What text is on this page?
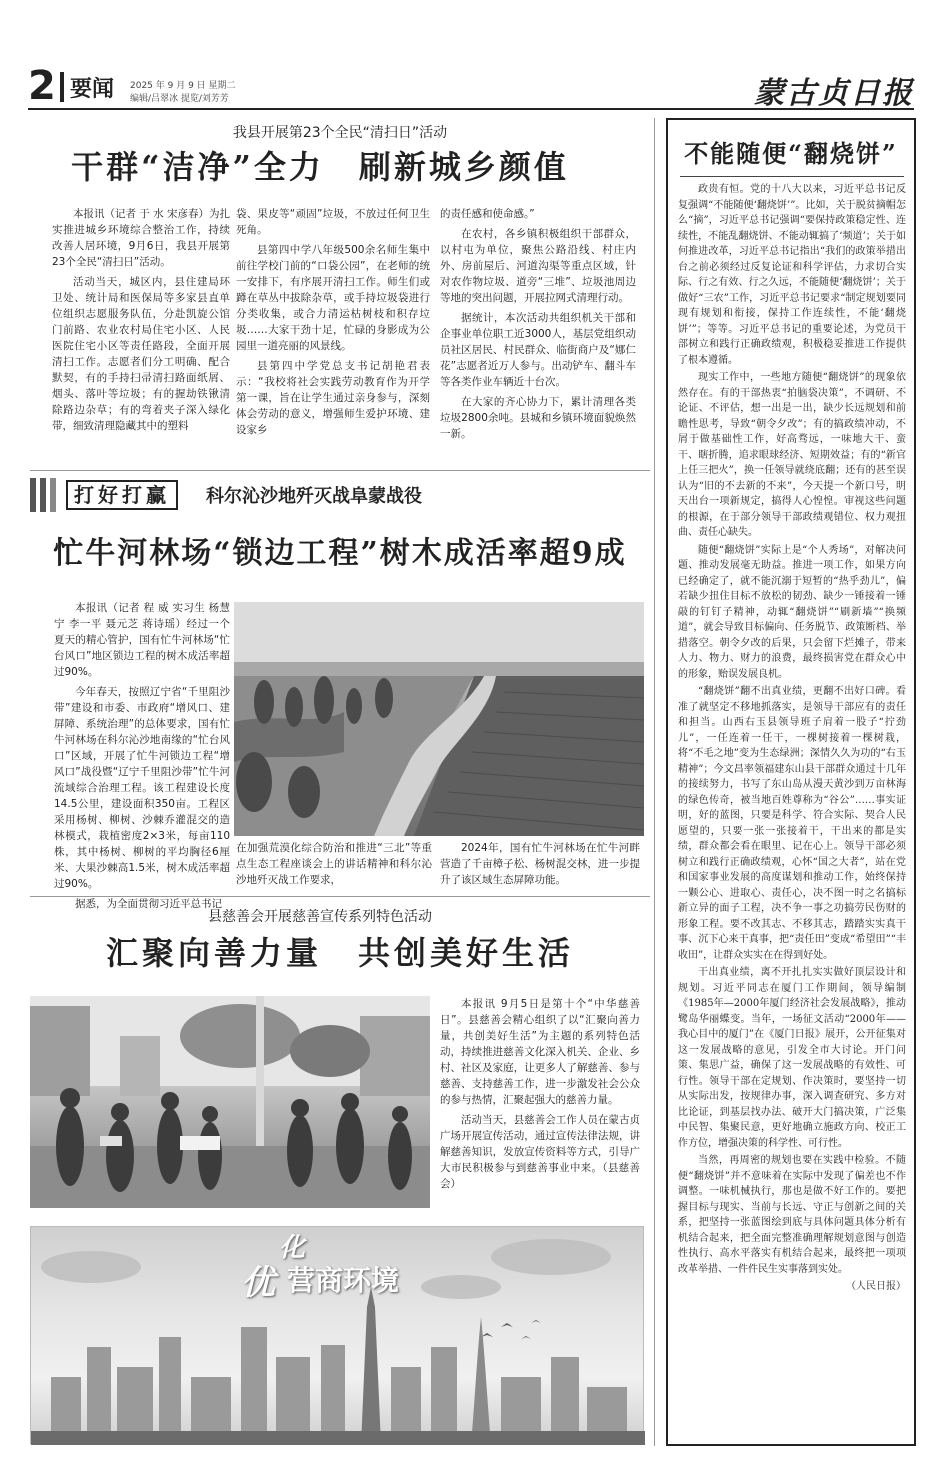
2 要闻 2025 年 9 月 9 日 星期二
编辑/吕翠冰 提览/刘芳芳	蒙古贞日报
我县开展第23个全民“清扫日”活动
干群“洁净”全力　刷新城乡颜值

本报讯（记者 于 水 宋彦春）为扎实推进城乡环境综合整治工作，持续改善人居环境，9月6日，我县开展第23个全民“清扫日”活动。

活动当天，城区内，县住建局环卫处、统计局和医保局等多家县直单位组织志愿服务队伍，分赴凯旋公馆门前路、农业农村局住宅小区、人民医院住宅小区等责任路段，全面开展清扫工作。志愿者们分工明确、配合默契，有的手持扫帚清扫路面纸屑、烟头、落叶等垃圾；有的握劫铁锹清除路边杂草；有的弯着夹子深入绿化带，细致清理隐藏其中的塑料

袋、果皮等“顽固”垃圾，不放过任何卫生死角。

县第四中学八年级500余名师生集中前往学校门前的“口袋公园”，在老师的统一安排下，有序展开清扫工作。师生们或蹲在草丛中拔除杂草，或手持垃圾袋进行分类收集，或合力清运枯树枝和积存垃圾……大家干劲十足，忙碌的身影成为公园里一道亮丽的风景线。

县第四中学党总支书记胡艳君表示：“我校将社会实践劳动教育作为开学第一课，旨在让学生通过亲身参与，深刻体会劳动的意义，增强师生爱护环境、建设家乡

的责任感和使命感。”

在农村，各乡镇积极组织干部群众，以村屯为单位，聚焦公路沿线、村庄内外、房前屋后、河道沟渠等重点区域，针对农作物垃圾、道旁“三堆”、垃圾池周边等地的突出问题，开展拉网式清理行动。

据统计，本次活动共组织机关干部和企事业单位职工近3000人，基层党组织动员社区居民、村民群众、临街商户及“娜仁花”志愿者近万人参与。出动铲车、翻斗车等各类作业车辆近十台次。

在大家的齐心协力下，累计清理各类垃圾2800余吨。县城和乡镇环境面貌焕然一新。

打好打赢	科尔沁沙地歼灭战阜蒙战役
忙牛河林场“锁边工程”树木成活率超9成

本报讯（记者 程 威 实习生 杨慧宁 李一平 聂元芝 蒋诗瑶）经过一个夏天的精心管护，国有忙牛河林场“忙台风口”地区锁边工程的树木成活率超过90%。

今年春天，按照辽宁省“千里阻沙带”建设和市委、市政府“增风口、建屏障、系统治理”的总体要求，国有忙牛河林场在科尔沁沙地南缘的“忙台风口”区域，开展了忙牛河锁边工程“增风口”战役暨“辽宁千里阻沙带”忙牛河流域综合治理工程。该工程建设长度14.5公里，建设面积350亩。工程区采用杨树、柳树、沙棘乔灌混交的造林模式，栽植密度2×3米，每亩110株，其中杨树、柳树的平均胸径6厘米、大果沙棘高1.5米，树木成活率超过90%。

据悉，为全面贯彻习近平总书记

在加强荒漠化综合防治和推进“三北”等重点生态工程座谈会上的讲话精神和科尔沁沙地歼灭战工作要求，

2024年，国有忙牛河林场在忙牛河畔营造了千亩樟子松、杨树混交林，进一步提升了该区域生态屏障功能。

县慈善会开展慈善宣传系列特色活动
汇聚向善力量　共创美好生活

本报讯 9月5日是第十个“中华慈善日”。县慈善会精心组织了以“汇聚向善力量，共创美好生活”为主题的系列特色活动，持续推进慈善文化深入机关、企业、乡村、社区及家庭，让更多人了解慈善、参与慈善、支持慈善工作，进一步激发社会公众的参与热情，汇聚起强大的慈善力量。

活动当天，县慈善会工作人员在蒙古贞广场开展宣传活动，通过宣传法律法规，讲解慈善知识，发放宣传资料等方式，引导广大市民积极参与到慈善事业中来。（县慈善会）

化
优 营商环境
不能随便“翻烧饼”

政贵有恒。党的十八大以来，习近平总书记反复强调“不能随便‘翻烧饼’”。比如，关于脱贫摘帽怎么“摘”，习近平总书记强调“要保持政策稳定性、连续性，不能乱翻烧饼、不能动辄搞了‘频道’；关于如何推进改革，习近平总书记指出“我们的政策举措出台之前必须经过反复论证和科学评估，力求切合实际、行之有效、行之久远，不能随便‘翻烧饼’；关于做好“三农”工作，习近平总书记要求“制定规划要同现有规划和衔接，保持工作连续性，不能‘翻烧饼’”；等等。习近平总书记的重要论述，为党员干部树立和践行正确政绩观，积极稳妥推进工作提供了根本遵循。

现实工作中，一些地方随便“翻烧饼”的现象依然存在。有的干部热衷“拍脑袋决策”，不调研、不论证、不评估，想一出是一出，缺少长远规划和前瞻性思考，导致“朝令夕改”；有的搞政绩冲动，不屑于做基础性工作，好高骛远，一味地大干、蛮干、瞎折腾，追求眼球经济、短期效益；有的“新官上任三把火”，换一任领导就绕底翻；还有的甚至误认为“旧的不去新的不来”，今天提一个新口号，明天出台一项新规定，搞得人心惶惶。审视这些问题的根源，在于部分领导干部政绩观错位、权力观扭曲、责任心缺失。

随便“翻烧饼”实际上是“个人秀场”，对解决问题、推动发展毫无助益。推进一项工作，如果方向已经确定了，就不能沉溺于短暂的“热乎劲儿”，偏若缺少扭住目标不放松的韧劲、缺少一锤接着一锤敲的钉钉子精神，动辄“翻烧饼”“刷新墙”“换频道”，就会导致目标偏向、任务脱节、政策断档、举措落空。朝令夕改的后果，只会留下烂摊子，带来人力、物力、财力的浪费，最终损害党在群众心中的形象，贻误发展良机。

“翻烧饼”翻不出真业绩，更翻不出好口碑。看准了就坚定不移地抓落实，是领导干部应有的责任和担当。山西右玉县领导班子肩着一股子“拧劲儿”，一任连着一任干，一棵树接着一棵树栽，将“不毛之地”变为生态绿洲；深情久久为功的“右玉精神”；今文昌率领福建东山县干部群众通过十几年的接续努力，书写了东山岛从漫天黄沙到万亩林海的绿色传奇，被当地百姓尊称为“谷公”……事实证明，好的蓝图，只要是科学、符合实际、契合人民愿望的，只要一张一张接着干，干出来的都是实绩，群众都会看在眼里、记在心上。领导干部必须树立和践行正确政绩观，心怀“国之大者”，站在党和国家事业发展的高度谋划和推动工作，始终保持一颗公心、进取心、责任心，决不图一时之名搞标新立异的面子工程，决不争一事之功搞劳民伤财的形象工程。要不改其志、不移其志，踏踏实实真干事、沉下心来干真事，把“责任田”变成“希望田”“丰收田”，让群众实实在在得到好处。

干出真业绩，离不开扎扎实实做好顶层设计和规划。习近平同志在厦门工作期间，领导编制《1985年—2000年厦门经济社会发展战略》，推动鹭岛华丽蝶变。当年，一场征文活动“2000年——我心目中的厦门”在《厦门日报》展开，公开征集对这一发展战略的意见，引发全市大讨论。开门问策、集思广益，确保了这一发展战略的有效性、可行性。领导干部在定规划、作决策时，要坚持一切从实际出发，按规律办事，深入调查研究、多方对比论证，到基层找办法、破开大门搞决策，广泛集中民智、集聚民意，更好地确立施政方向、校正工作方位，增强决策的科学性、可行性。

当然，再周密的规划也要在实践中检验。不随便“翻烧饼”并不意味着在实际中发现了偏差也不作调整。一味机械执行，那也是做不好工作的。要把握目标与现实、当前与长远、守正与创新之间的关系，把坚持一张蓝图绘到底与具体问题具体分析有机结合起来，把全面完整准确理解规划意图与创造性执行、高水平落实有机结合起来，最终把一项项改革举措、一件件民生实事落到实处。

（人民日报）
